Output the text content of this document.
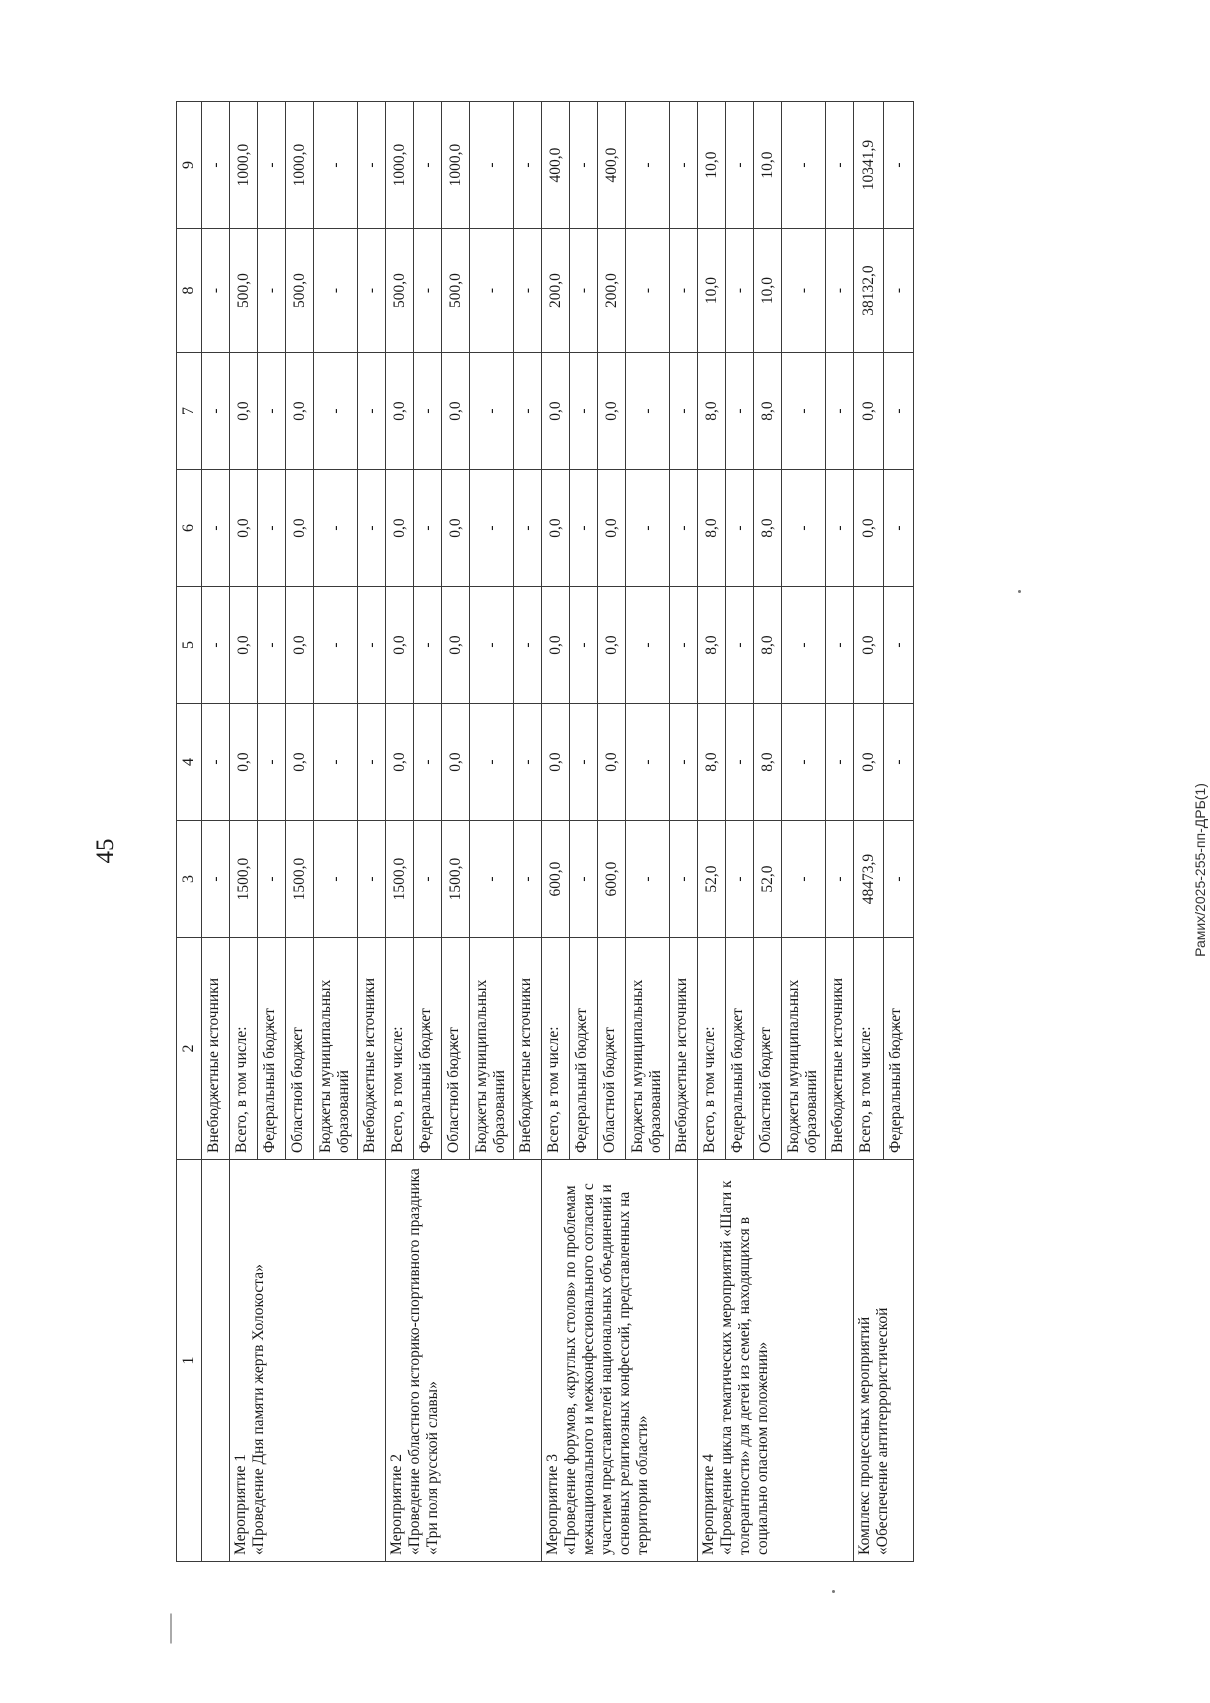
45	Рамих/2025-255-пп-ДРБ(1)
1	2	3	4	5	6	7	8	9
	Внебюджетные источники	-	-	-	-	-	-	-

Мероприятие 1 «Проведение Дня памяти жертв Холокоста»	Всего, в том числе:	1500,0	0,0	0,0	0,0	0,0	500,0	1000,0
	Федеральный бюджет	-	-	-	-	-	-	-
	Областной бюджет	1500,0	0,0	0,0	0,0	0,0	500,0	1000,0
	Бюджеты муниципальных образований	-	-	-	-	-	-	-
	Внебюджетные источники	-	-	-	-	-	-	-

Мероприятие 2 «Проведение областного историко-спортивного праздника «Три поля русской славы»	Всего, в том числе:	1500,0	0,0	0,0	0,0	0,0	500,0	1000,0
	Федеральный бюджет	-	-	-	-	-	-	-
	Областной бюджет	1500,0	0,0	0,0	0,0	0,0	500,0	1000,0
	Бюджеты муниципальных образований	-	-	-	-	-	-	-
	Внебюджетные источники	-	-	-	-	-	-	-

Мероприятие 3 «Проведение форумов, «круглых столов» по проблемам межнационального и межконфессионального согласия с участием представителей национальных объединений и основных религиозных конфессий, представленных на территории области»	Всего, в том числе:	600,0	0,0	0,0	0,0	0,0	200,0	400,0
	Федеральный бюджет	-	-	-	-	-	-	-
	Областной бюджет	600,0	0,0	0,0	0,0	0,0	200,0	400,0
	Бюджеты муниципальных образований	-	-	-	-	-	-	-
	Внебюджетные источники	-	-	-	-	-	-	-

Мероприятие 4 «Проведение цикла тематических мероприятий «Шаги к толерантности» для детей из семей, находящихся в социально опасном положении»	Всего, в том числе:	52,0	8,0	8,0	8,0	8,0	10,0	10,0
	Федеральный бюджет	-	-	-	-	-	-	-
	Областной бюджет	52,0	8,0	8,0	8,0	8,0	10,0	10,0
	Бюджеты муниципальных образований	-	-	-	-	-	-	-
	Внебюджетные источники	-	-	-	-	-	-	-

Комплекс процессных мероприятий «Обеспечение антитеррористической	Всего, в том числе:	48473,9	0,0	0,0	0,0	0,0	38132,0	10341,9
	Федеральный бюджет	-	-	-	-	-	-	-
